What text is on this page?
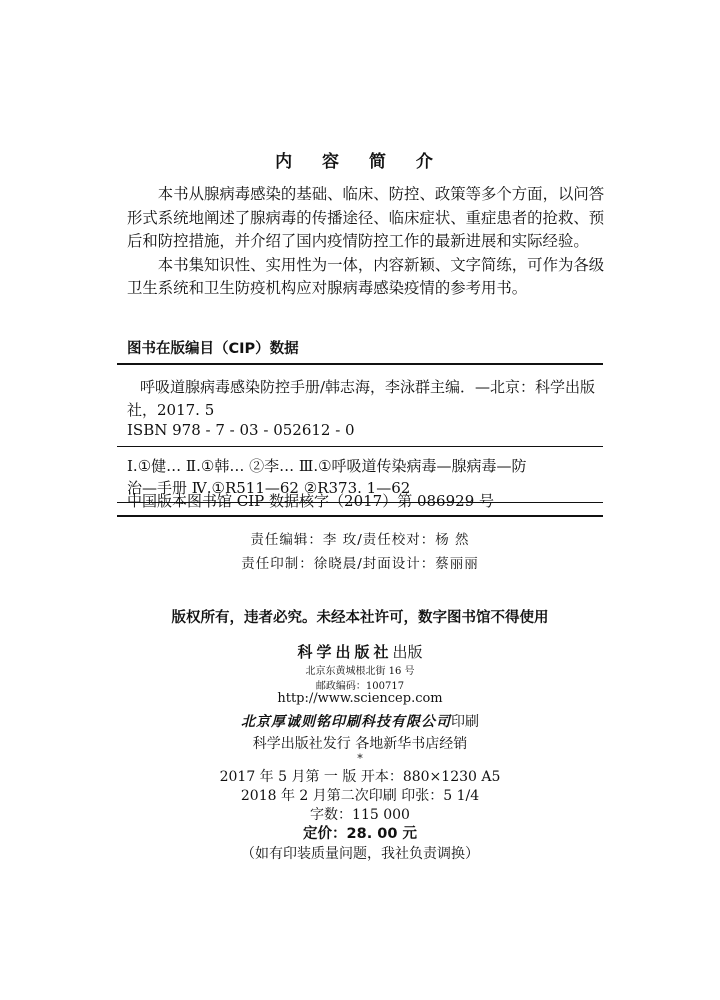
内 容 简 介

本书从腺病毒感染的基础、临床、防控、政策等多个方面，以问答形式系统地阐述了腺病毒的传播途径、临床症状、重症患者的抢救、预后和防控措施，并介绍了国内疫情防控工作的最新进展和实际经验。

本书集知识性、实用性为一体，内容新颖、文字简练，可作为各级卫生系统和卫生防疫机构应对腺病毒感染疫情的参考用书。

图书在版编目（CIP）数据
呼吸道腺病毒感染防控手册/韩志海，李泳群主编．—北京：科学出版
社，2017. 5
ISBN 978 - 7 - 03 - 052612 - 0
Ⅰ.①健… Ⅱ.①韩… ②李… Ⅲ.①呼吸道传染病毒—腺病毒—防
治—手册 Ⅳ.①R511—62 ②R373. 1—62
中国版本图书馆 CIP 数据核字（2017）第 086929 号
责任编辑：李 玫/责任校对：杨 然
责任印制：徐晓晨/封面设计：蔡丽丽
版权所有，违者必究。未经本社许可，数字图书馆不得使用
科学出版社出版
北京东黄城根北街 16 号
邮政编码：100717
http://www.sciencep.com
北京厚诚则铭印刷科技有限公司印刷
科学出版社发行 各地新华书店经销
*
2017 年 5 月第 一 版 开本：880×1230 A5
2018 年 2 月第二次印刷 印张：5 1/4
字数：115 000
定价：28. 00 元
（如有印装质量问题，我社负责调换）
